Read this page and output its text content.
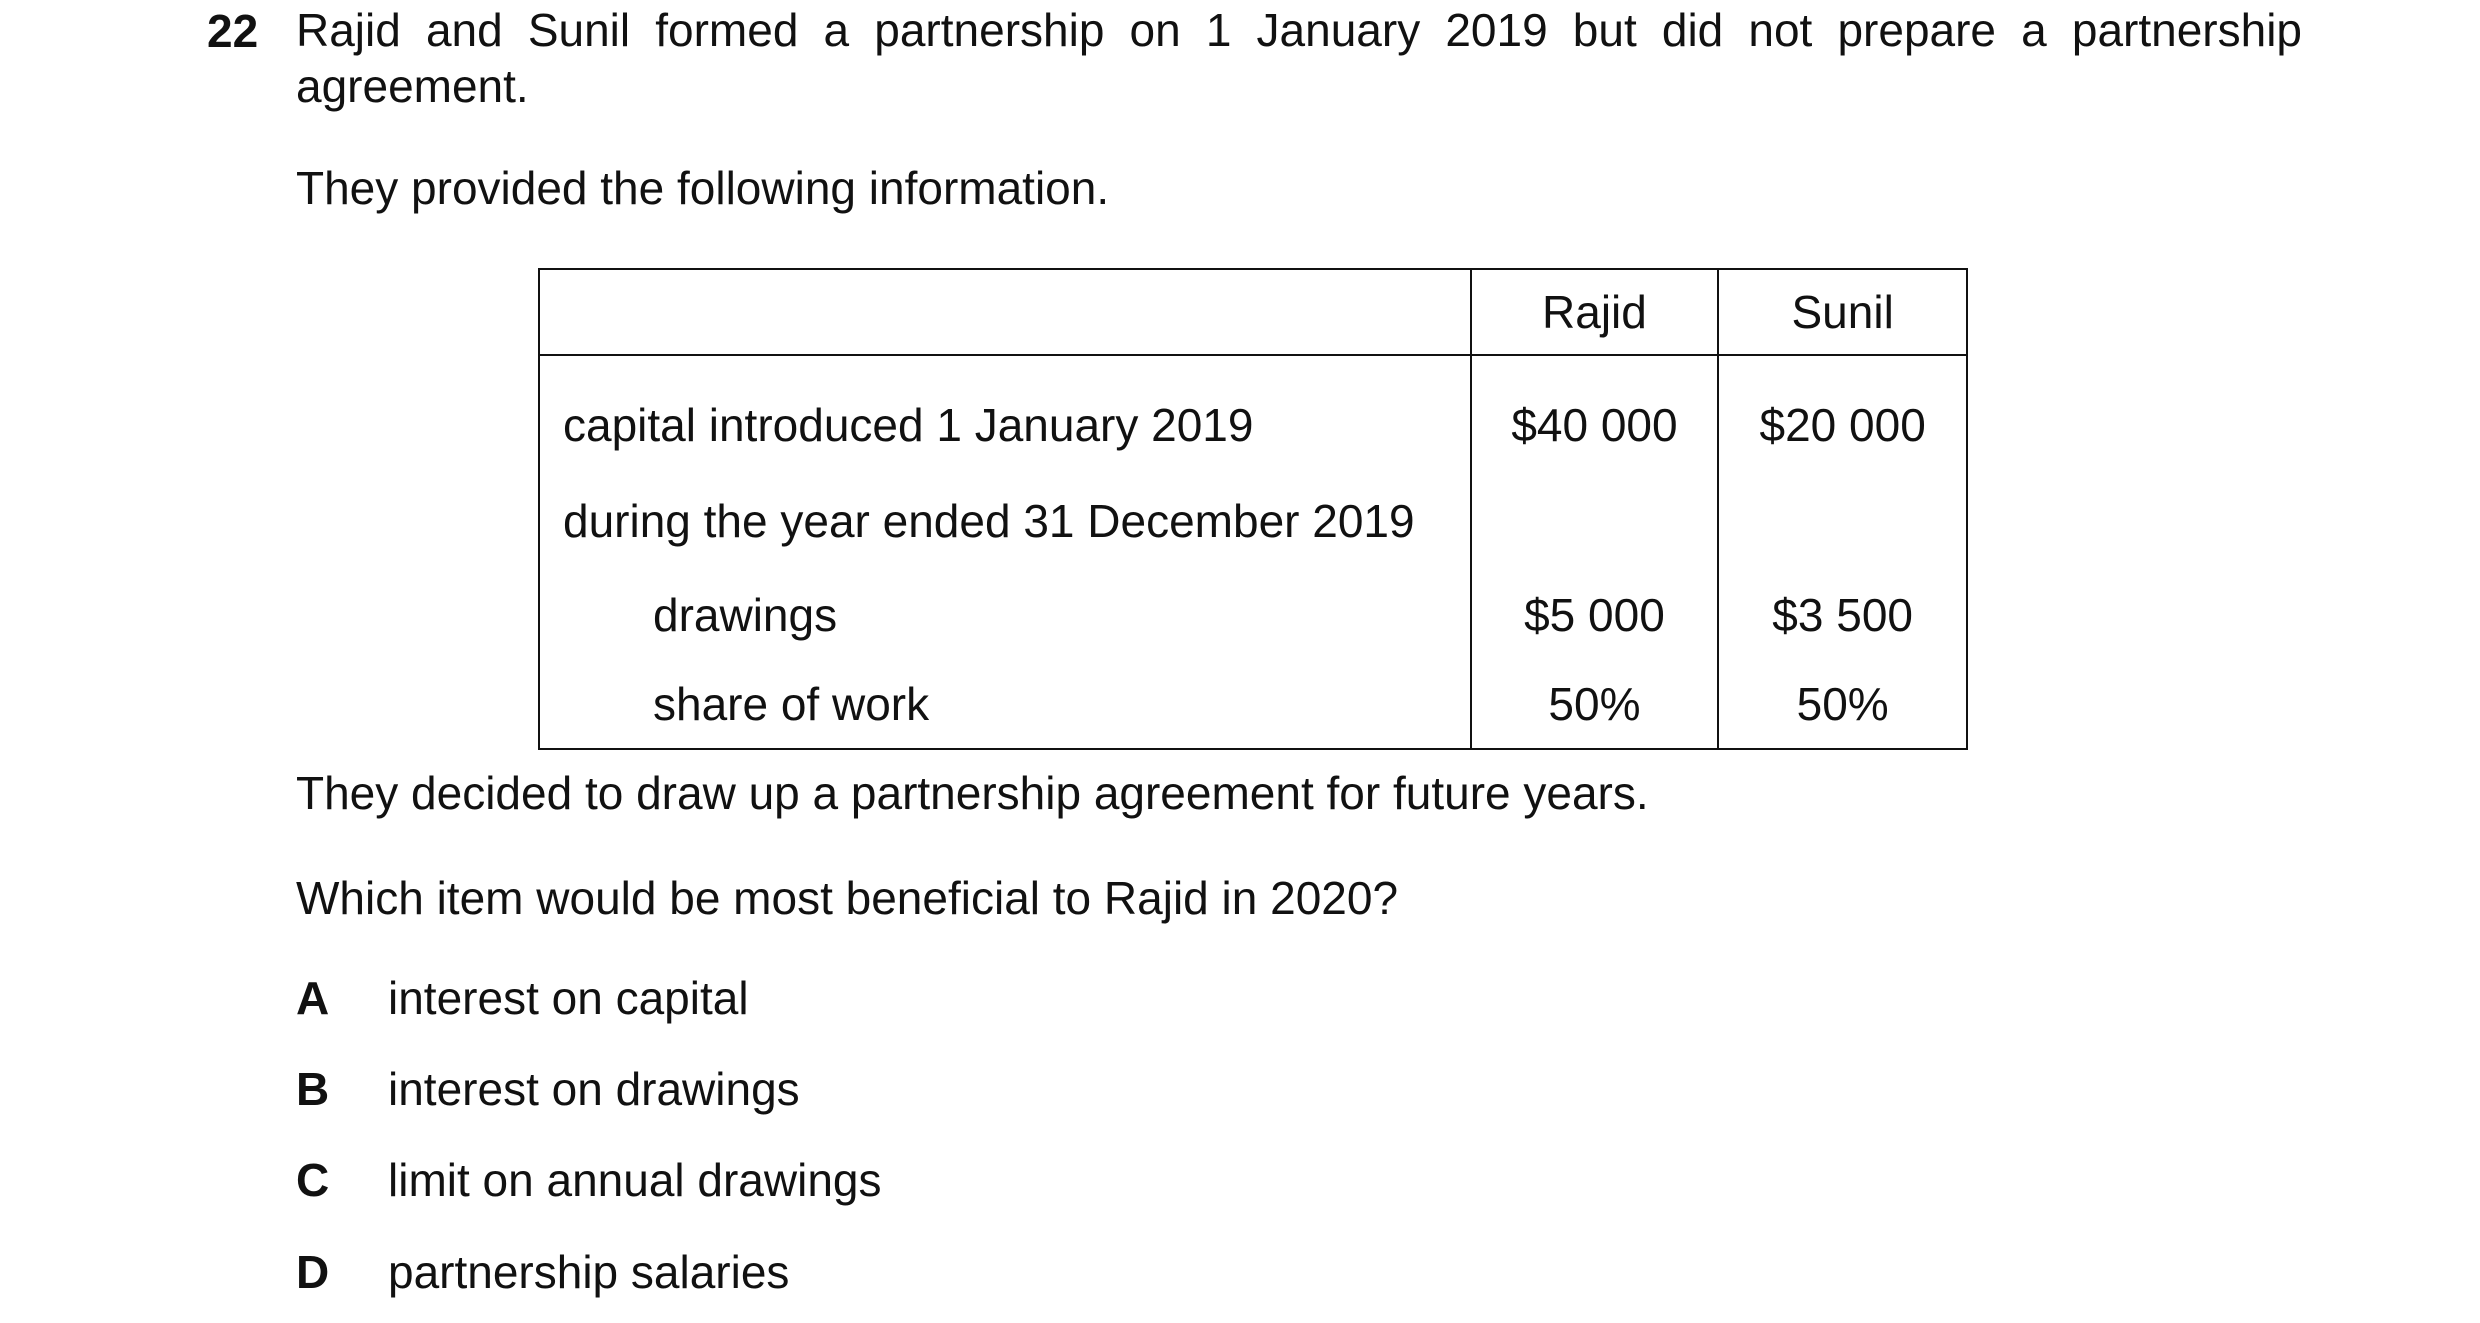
22 Rajid and Sunil formed a partnership on 1 January 2019 but did not prepare a partnership agreement.

They provided the following information.

	Rajid	Sunil
capital introduced 1 January 2019	$40 000	$20 000
during the year ended 31 December 2019		
drawings	$5 000	$3 500
share of work	50%	50%

They decided to draw up a partnership agreement for future years.

Which item would be most beneficial to Rajid in 2020?

A interest on capital
B interest on drawings
C limit on annual drawings
D partnership salaries
